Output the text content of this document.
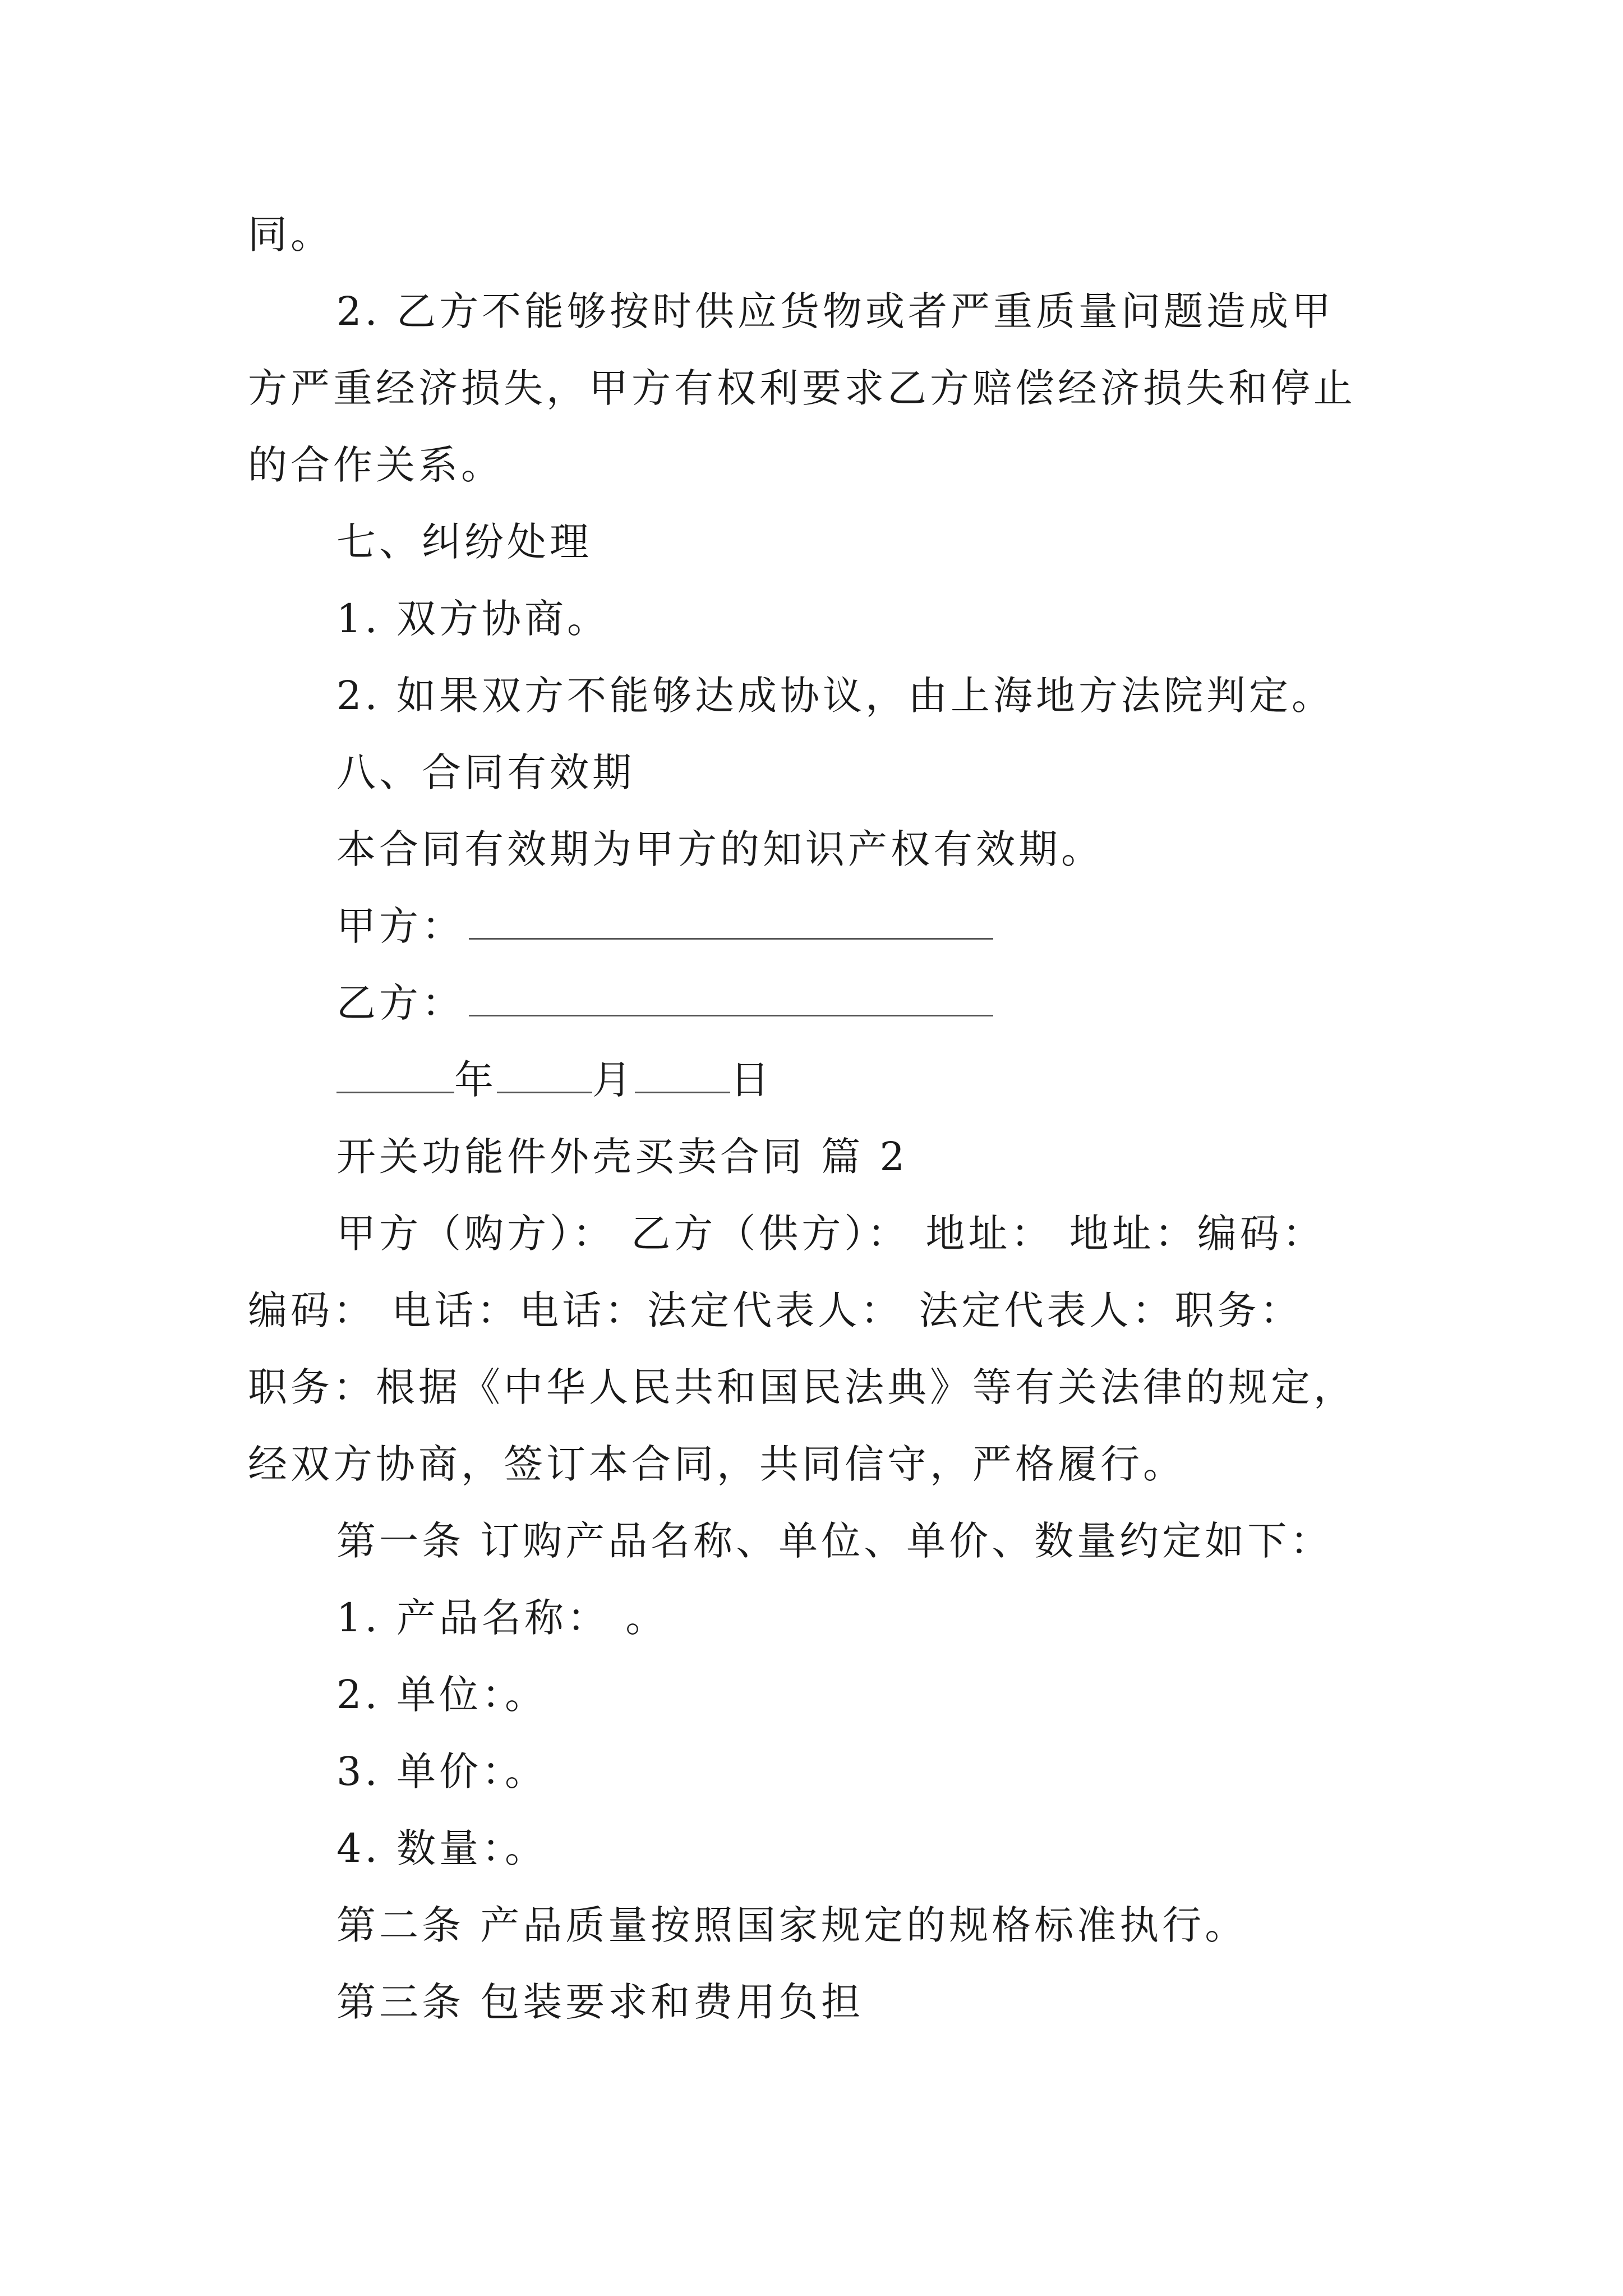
同。
2. 乙方不能够按时供应货物或者严重质量问题造成甲
方严重经济损失，甲方有权利要求乙方赔偿经济损失和停止
的合作关系。
七、纠纷处理
1. 双方协商。
2. 如果双方不能够达成协议，由上海地方法院判定。
八、合同有效期
本合同有效期为甲方的知识产权有效期。
甲方：
乙方：
年 月 日
开关功能件外壳买卖合同 篇 2
甲方（购方）： 乙方（供方）： 地址： 地址：编码：
编码： 电话：电话：法定代表人： 法定代表人：职务：
职务：根据《中华人民共和国民法典》等有关法律的规定，
经双方协商，签订本合同，共同信守，严格履行。
第一条 订购产品名称、单位、单价、数量约定如下：
1. 产品名称： 。
2. 单位：。
3. 单价：。
4. 数量：。
第二条 产品质量按照国家规定的规格标准执行。
第三条 包装要求和费用负担
